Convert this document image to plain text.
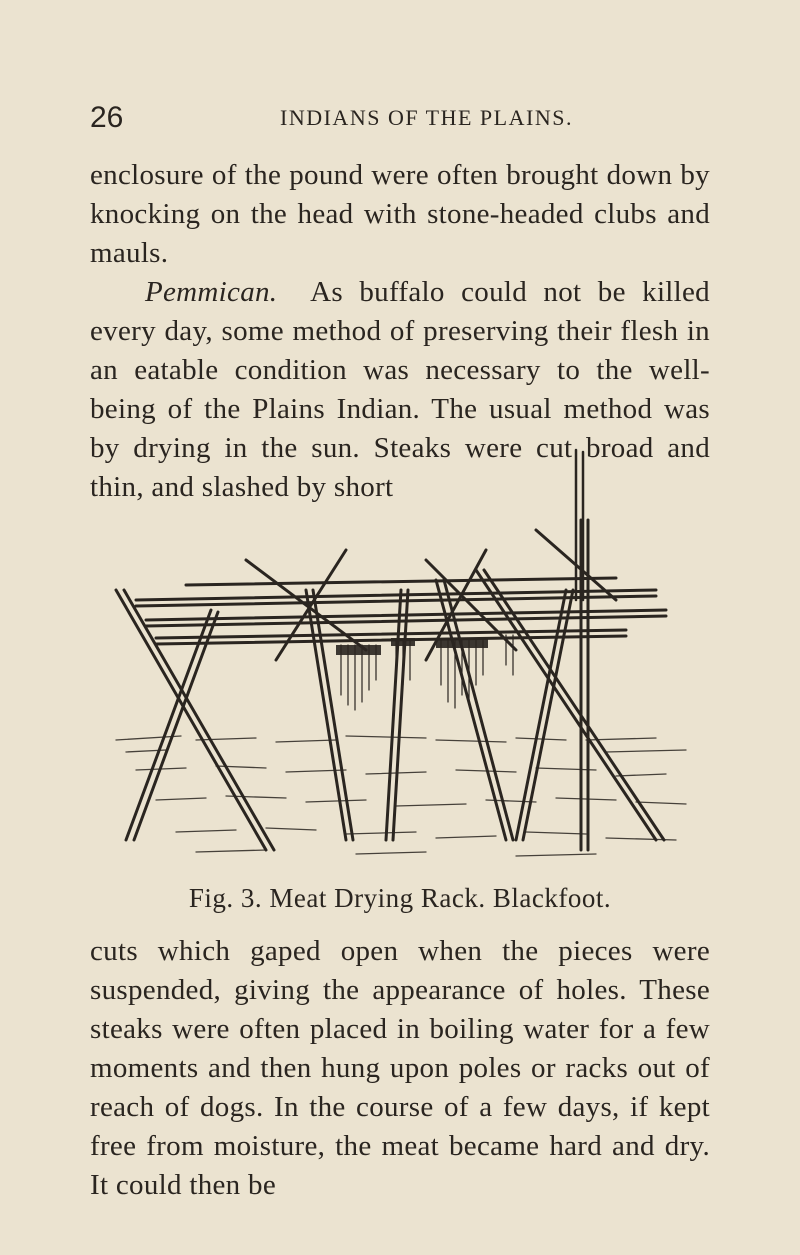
26	INDIANS OF THE PLAINS.

enclosure of the pound were often brought down by knocking on the head with stone-headed clubs and mauls.

Pemmican. As buffalo could not be killed every day, some method of preserving their flesh in an eatable condition was necessary to the well-being of the Plains Indian. The usual method was by drying in the sun. Steaks were cut broad and thin, and slashed by short

Fig. 3. Meat Drying Rack. Blackfoot.

cuts which gaped open when the pieces were suspended, giving the appearance of holes. These steaks were often placed in boiling water for a few moments and then hung upon poles or racks out of reach of dogs. In the course of a few days, if kept free from moisture, the meat became hard and dry. It could then be
